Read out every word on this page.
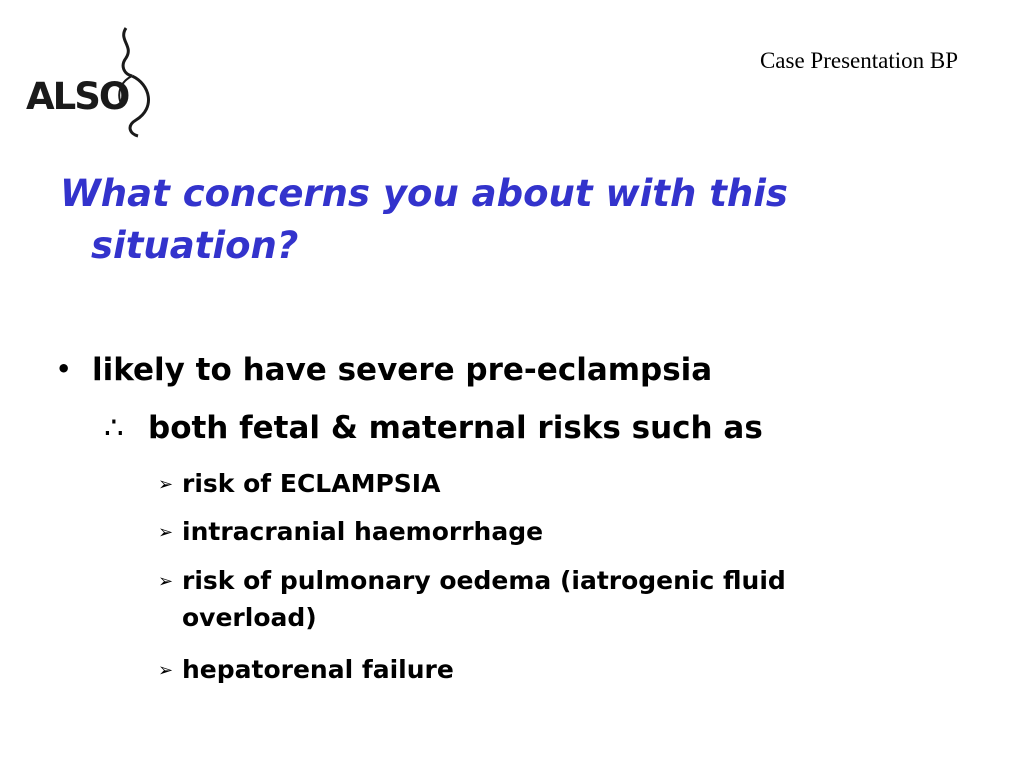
ALSO
Case Presentation BP
What concerns you about with this
situation?
• likely to have severe pre-eclampsia
∴ both fetal & maternal risks such as
➢ risk of ECLAMPSIA
➢ intracranial haemorrhage
➢ risk of pulmonary oedema (iatrogenic fluid
overload)
➢ hepatorenal failure
